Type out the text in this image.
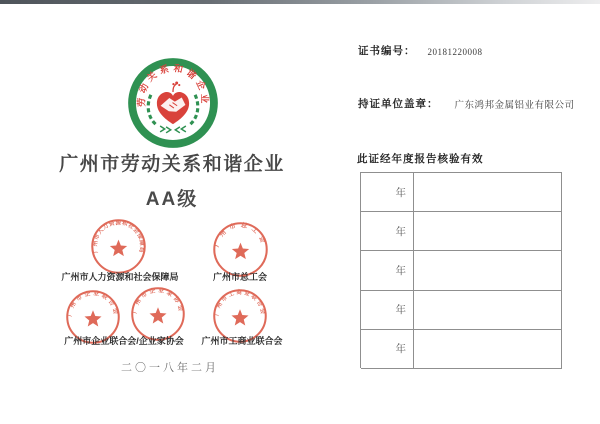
劳动关系和谐企业
广州市劳动关系和谐企业
AA级
广州市人力资源和社会保障局
广州市总工会
广州市企业联合会 广州市企业家协会	广州市工商业联合会
广州市人力资源和社会保障局	广州市总工会
广州市企业联合会/企业家协会	广州市工商业联合会
二〇一八年二月
证书编号： 20181220008
持证单位盖章： 广东鸿邦金属铝业有限公司
此证经年度报告核验有效
年
年
年
年
年
